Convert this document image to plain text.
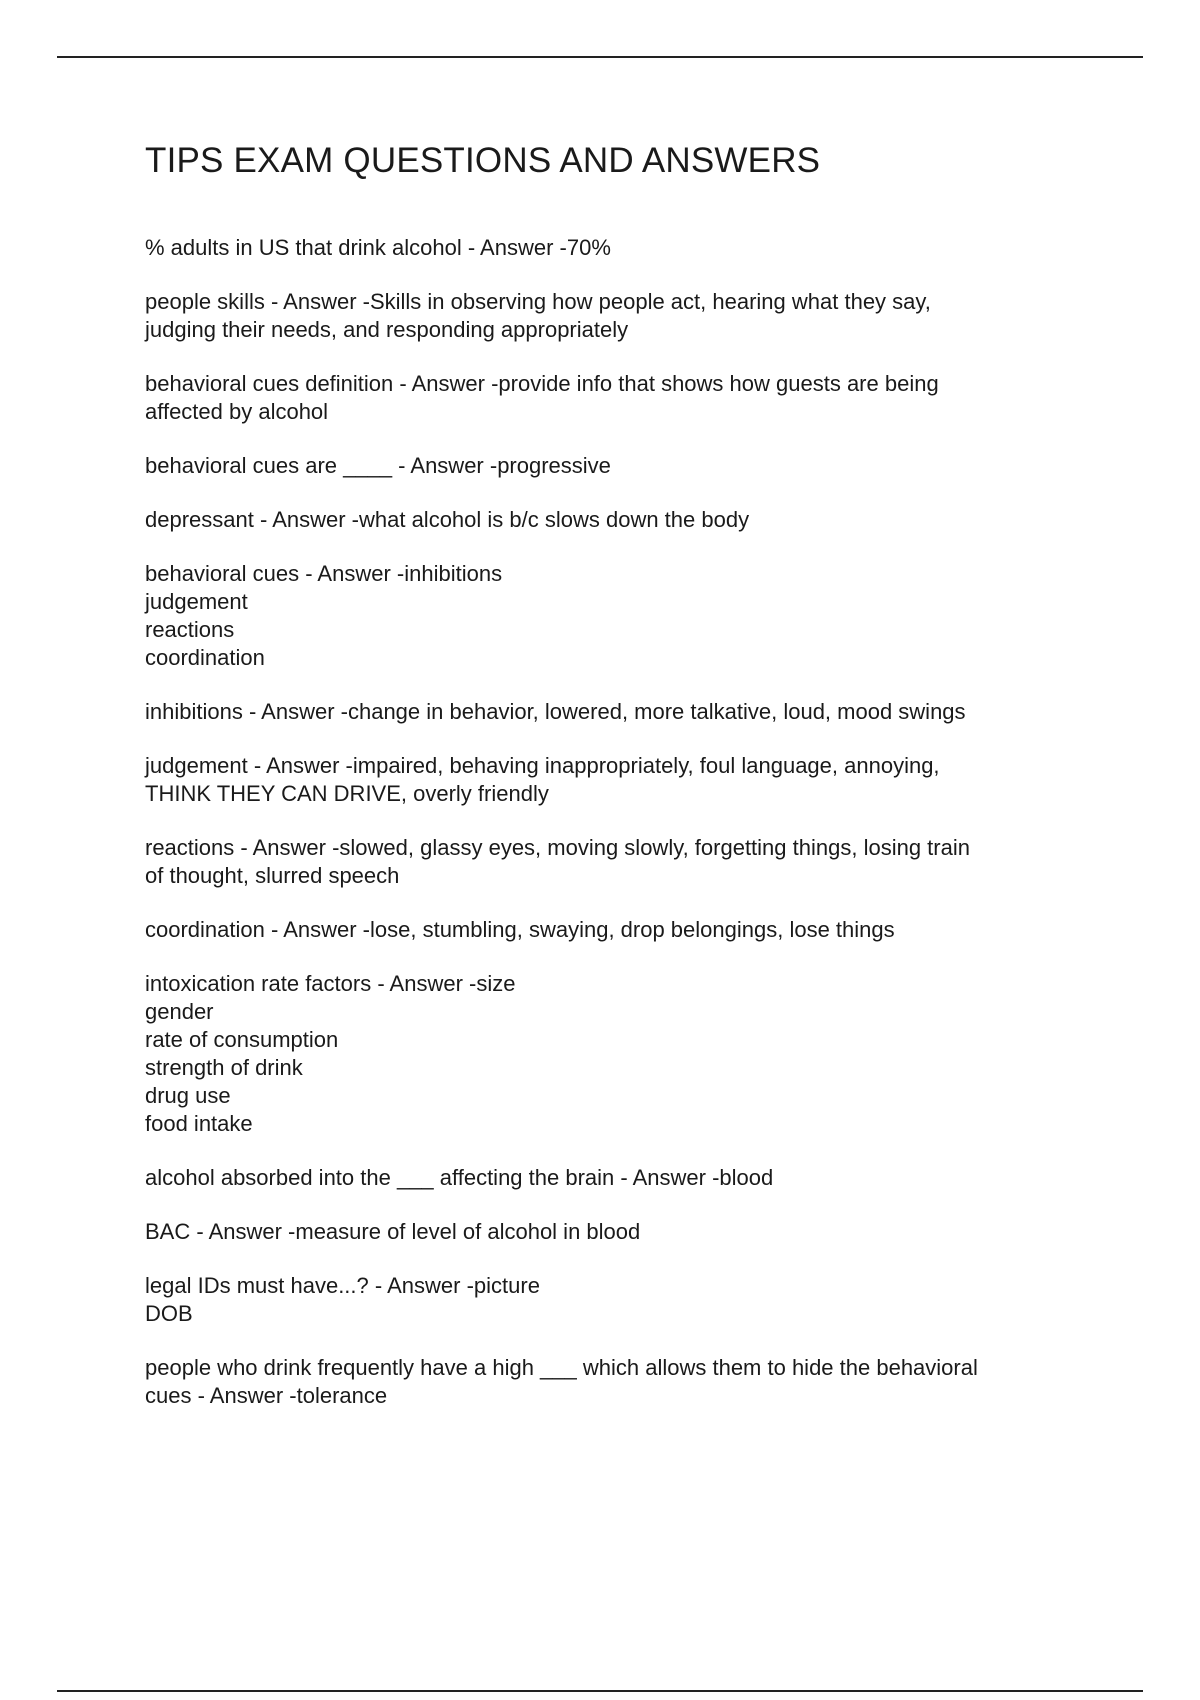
TIPS EXAM QUESTIONS AND ANSWERS
% adults in US that drink alcohol - Answer -70%
people skills - Answer -Skills in observing how people act, hearing what they say,
judging their needs, and responding appropriately
behavioral cues definition - Answer -provide info that shows how guests are being
affected by alcohol
behavioral cues are ____ - Answer -progressive
depressant - Answer -what alcohol is b/c slows down the body
behavioral cues - Answer -inhibitions
judgement
reactions
coordination
inhibitions - Answer -change in behavior, lowered, more talkative, loud, mood swings
judgement - Answer -impaired, behaving inappropriately, foul language, annoying,
THINK THEY CAN DRIVE, overly friendly
reactions - Answer -slowed, glassy eyes, moving slowly, forgetting things, losing train
of thought, slurred speech
coordination - Answer -lose, stumbling, swaying, drop belongings, lose things
intoxication rate factors - Answer -size
gender
rate of consumption
strength of drink
drug use
food intake
alcohol absorbed into the ___ affecting the brain - Answer -blood
BAC - Answer -measure of level of alcohol in blood
legal IDs must have...? - Answer -picture
DOB
people who drink frequently have a high ___ which allows them to hide the behavioral
cues - Answer -tolerance
